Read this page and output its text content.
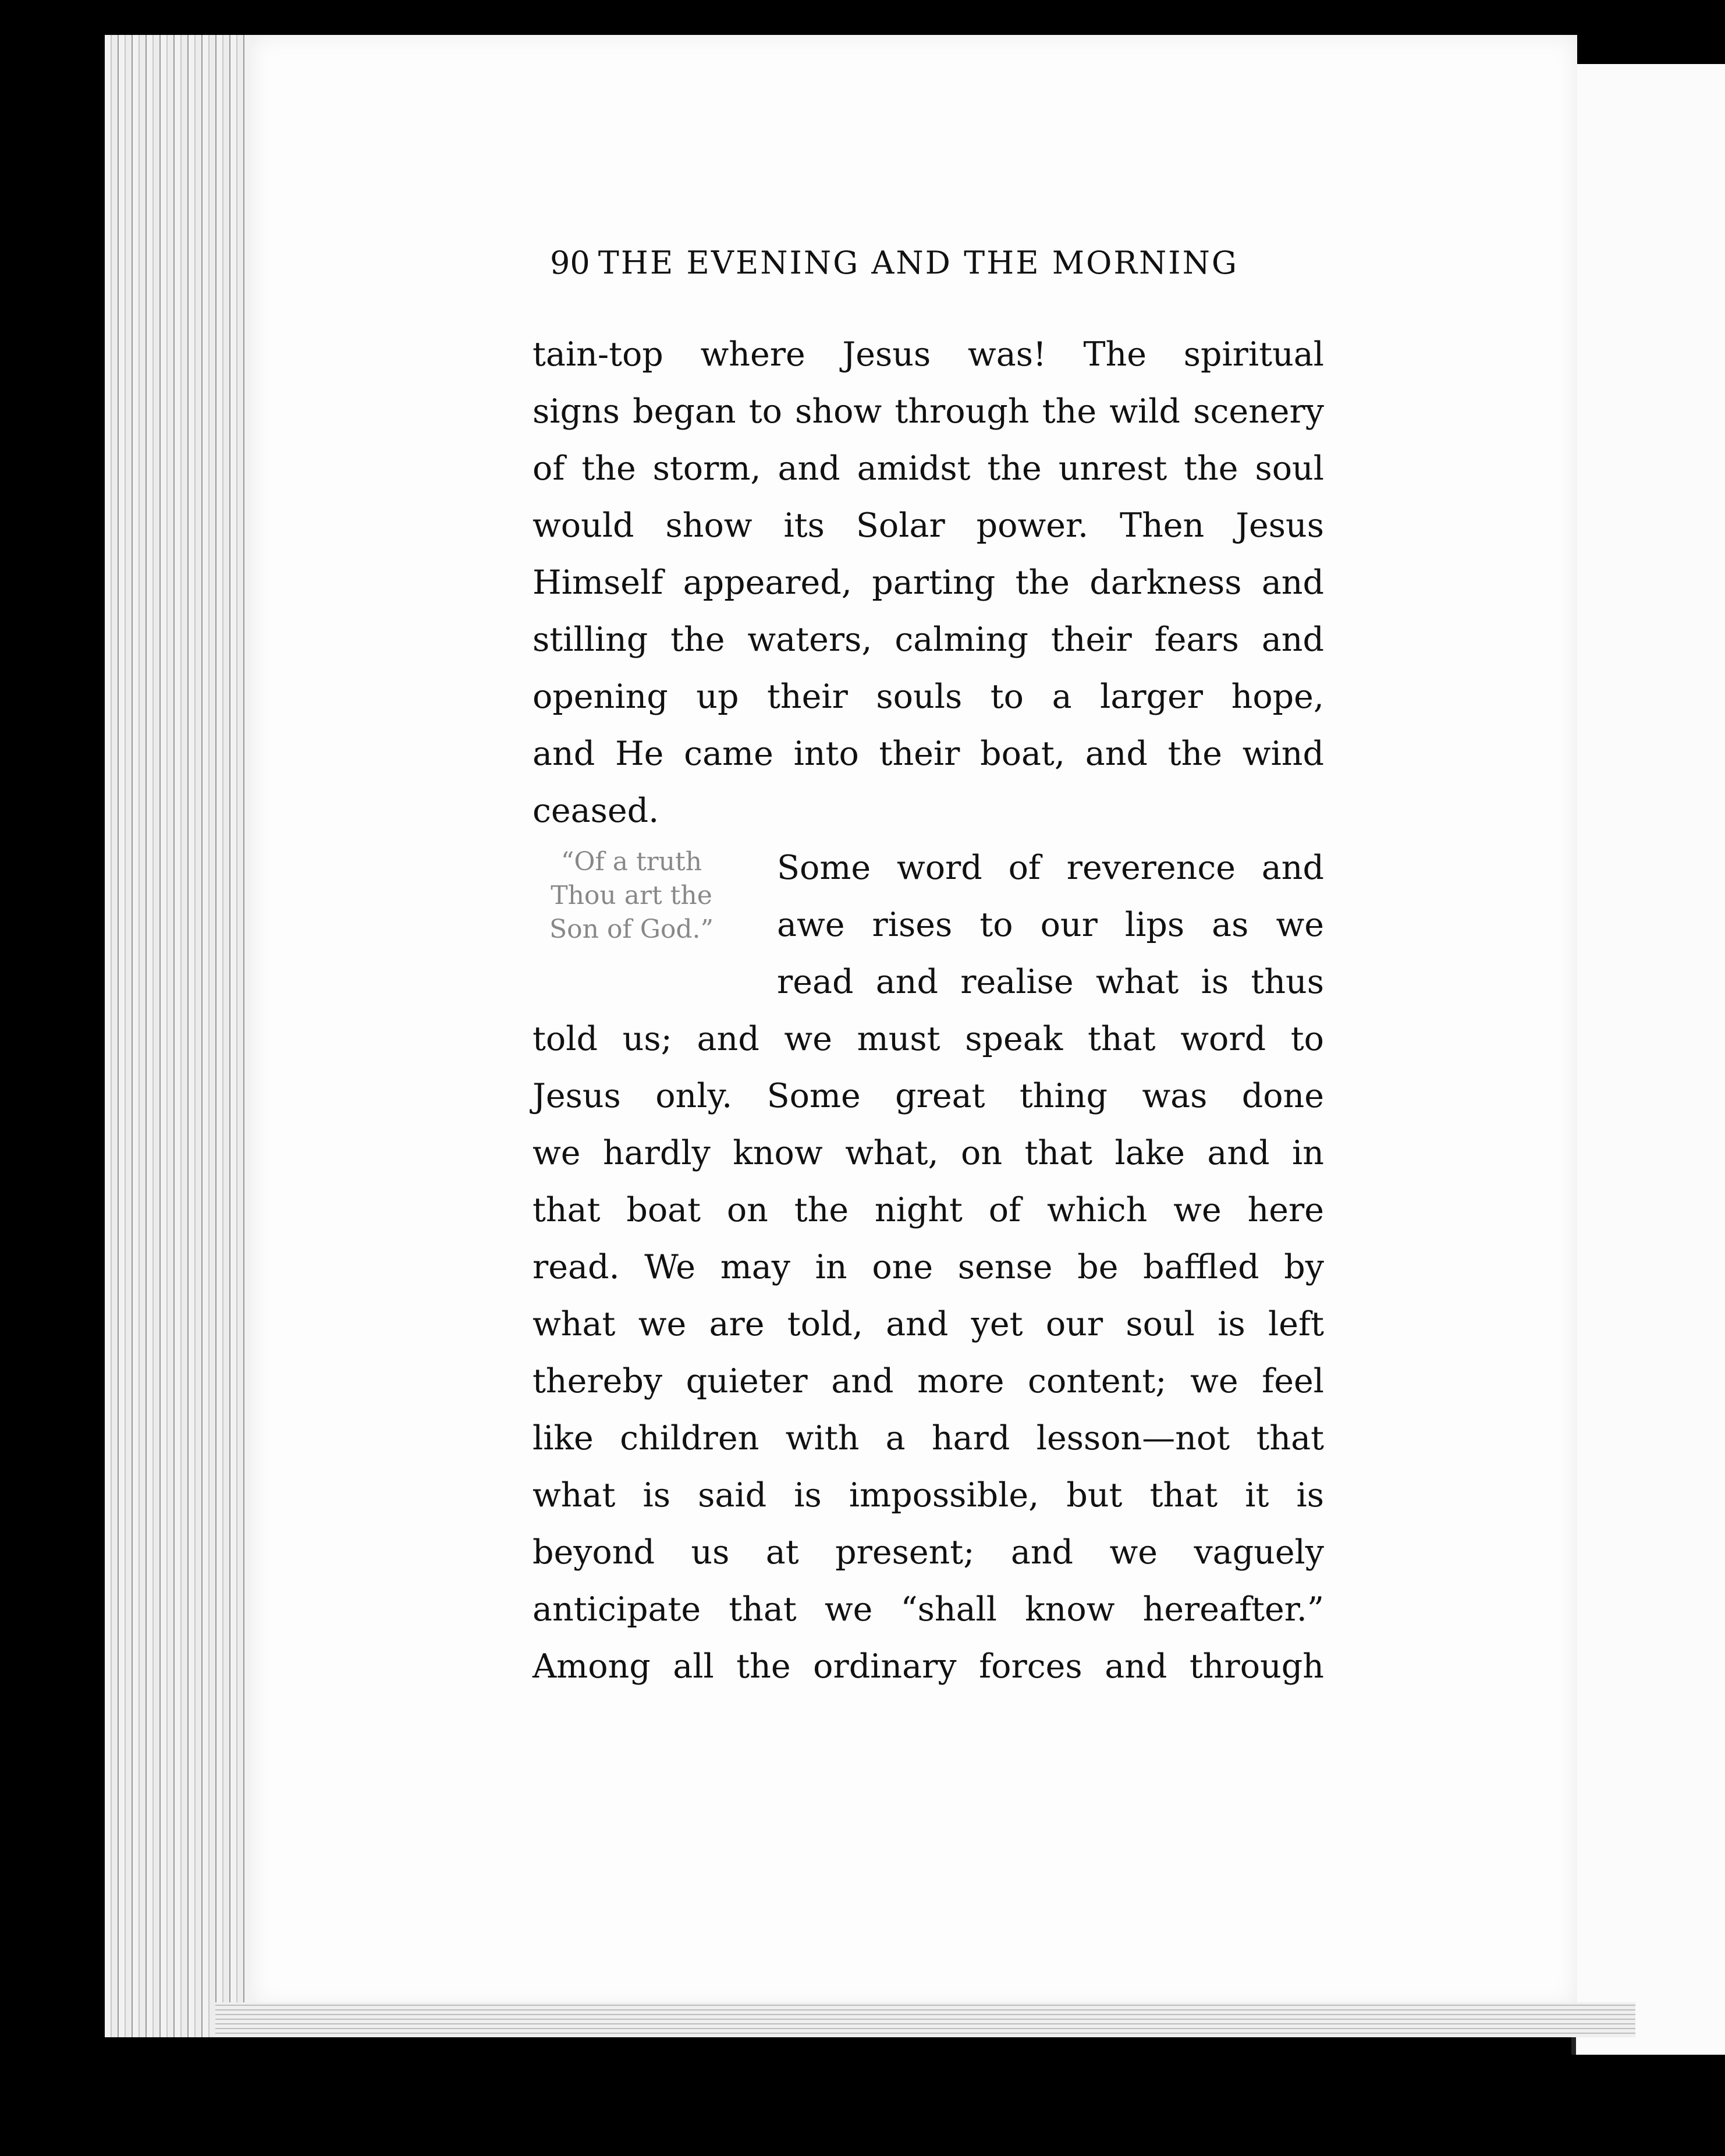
90 THE EVENING AND THE MORNING
tain-top where Jesus was! The spiritual
signs began to show through the wild scenery
of the storm, and amidst the unrest the soul
would show its Solar power. Then Jesus
Himself appeared, parting the darkness and
stilling the waters, calming their fears and
opening up their souls to a larger hope,
and He came into their boat, and the wind
ceased.
“Of a truth
Thou art the
Son of God.”
Some word of reverence and
awe rises to our lips as we
read and realise what is thus
told us; and we must speak that word to
Jesus only. Some great thing was done
we hardly know what, on that lake and in
that boat on the night of which we here
read. We may in one sense be baffled by
what we are told, and yet our soul is left
thereby quieter and more content; we feel
like children with a hard lesson—not that
what is said is impossible, but that it is
beyond us at present; and we vaguely
anticipate that we “shall know hereafter.”
Among all the ordinary forces and through
